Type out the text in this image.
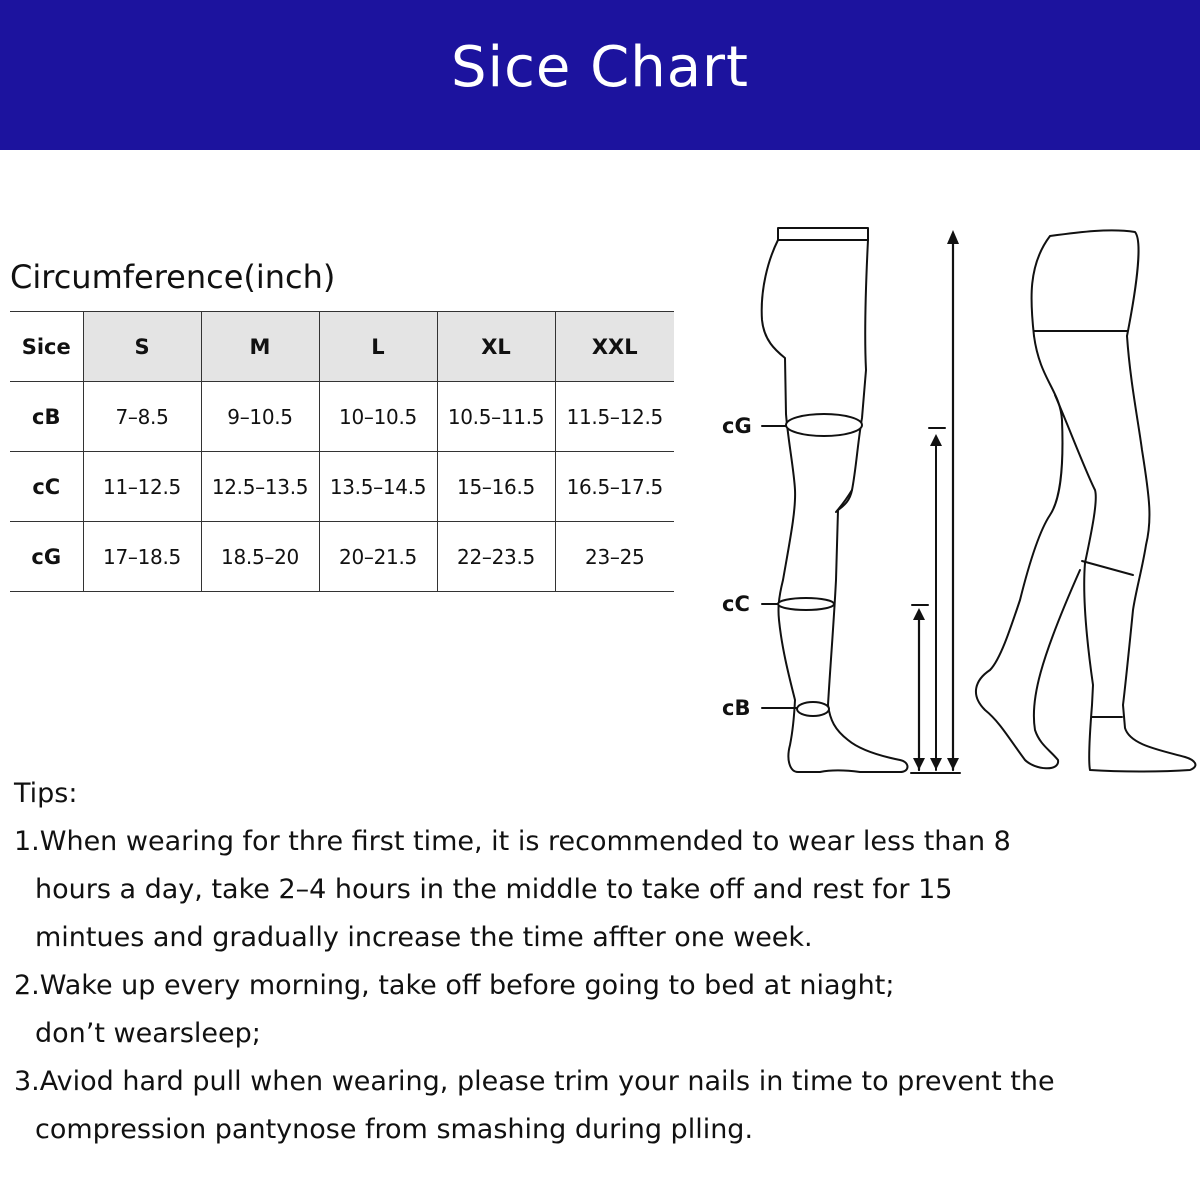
Sice Chart
Circumference(inch)
Sice	S	M	L	XL	XXL
cB	7–8.5	9–10.5	10–10.5	10.5–11.5	11.5–12.5
cC	11–12.5	12.5–13.5	13.5–14.5	15–16.5	16.5–17.5
cG	17–18.5	18.5–20	20–21.5	22–23.5	23–25
cG
cC
cB
Tips:
1.When wearing for thre first time, it is recommended to wear less than 8
hours a day, take 2–4 hours in the middle to take off and rest for 15
mintues and gradually increase the time affter one week.
2.Wake up every morning, take off before going to bed at niaght;
don’t wearsleep;
3.Aviod hard pull when wearing, please trim your nails in time to prevent the
compression pantynose from smashing during plling.
